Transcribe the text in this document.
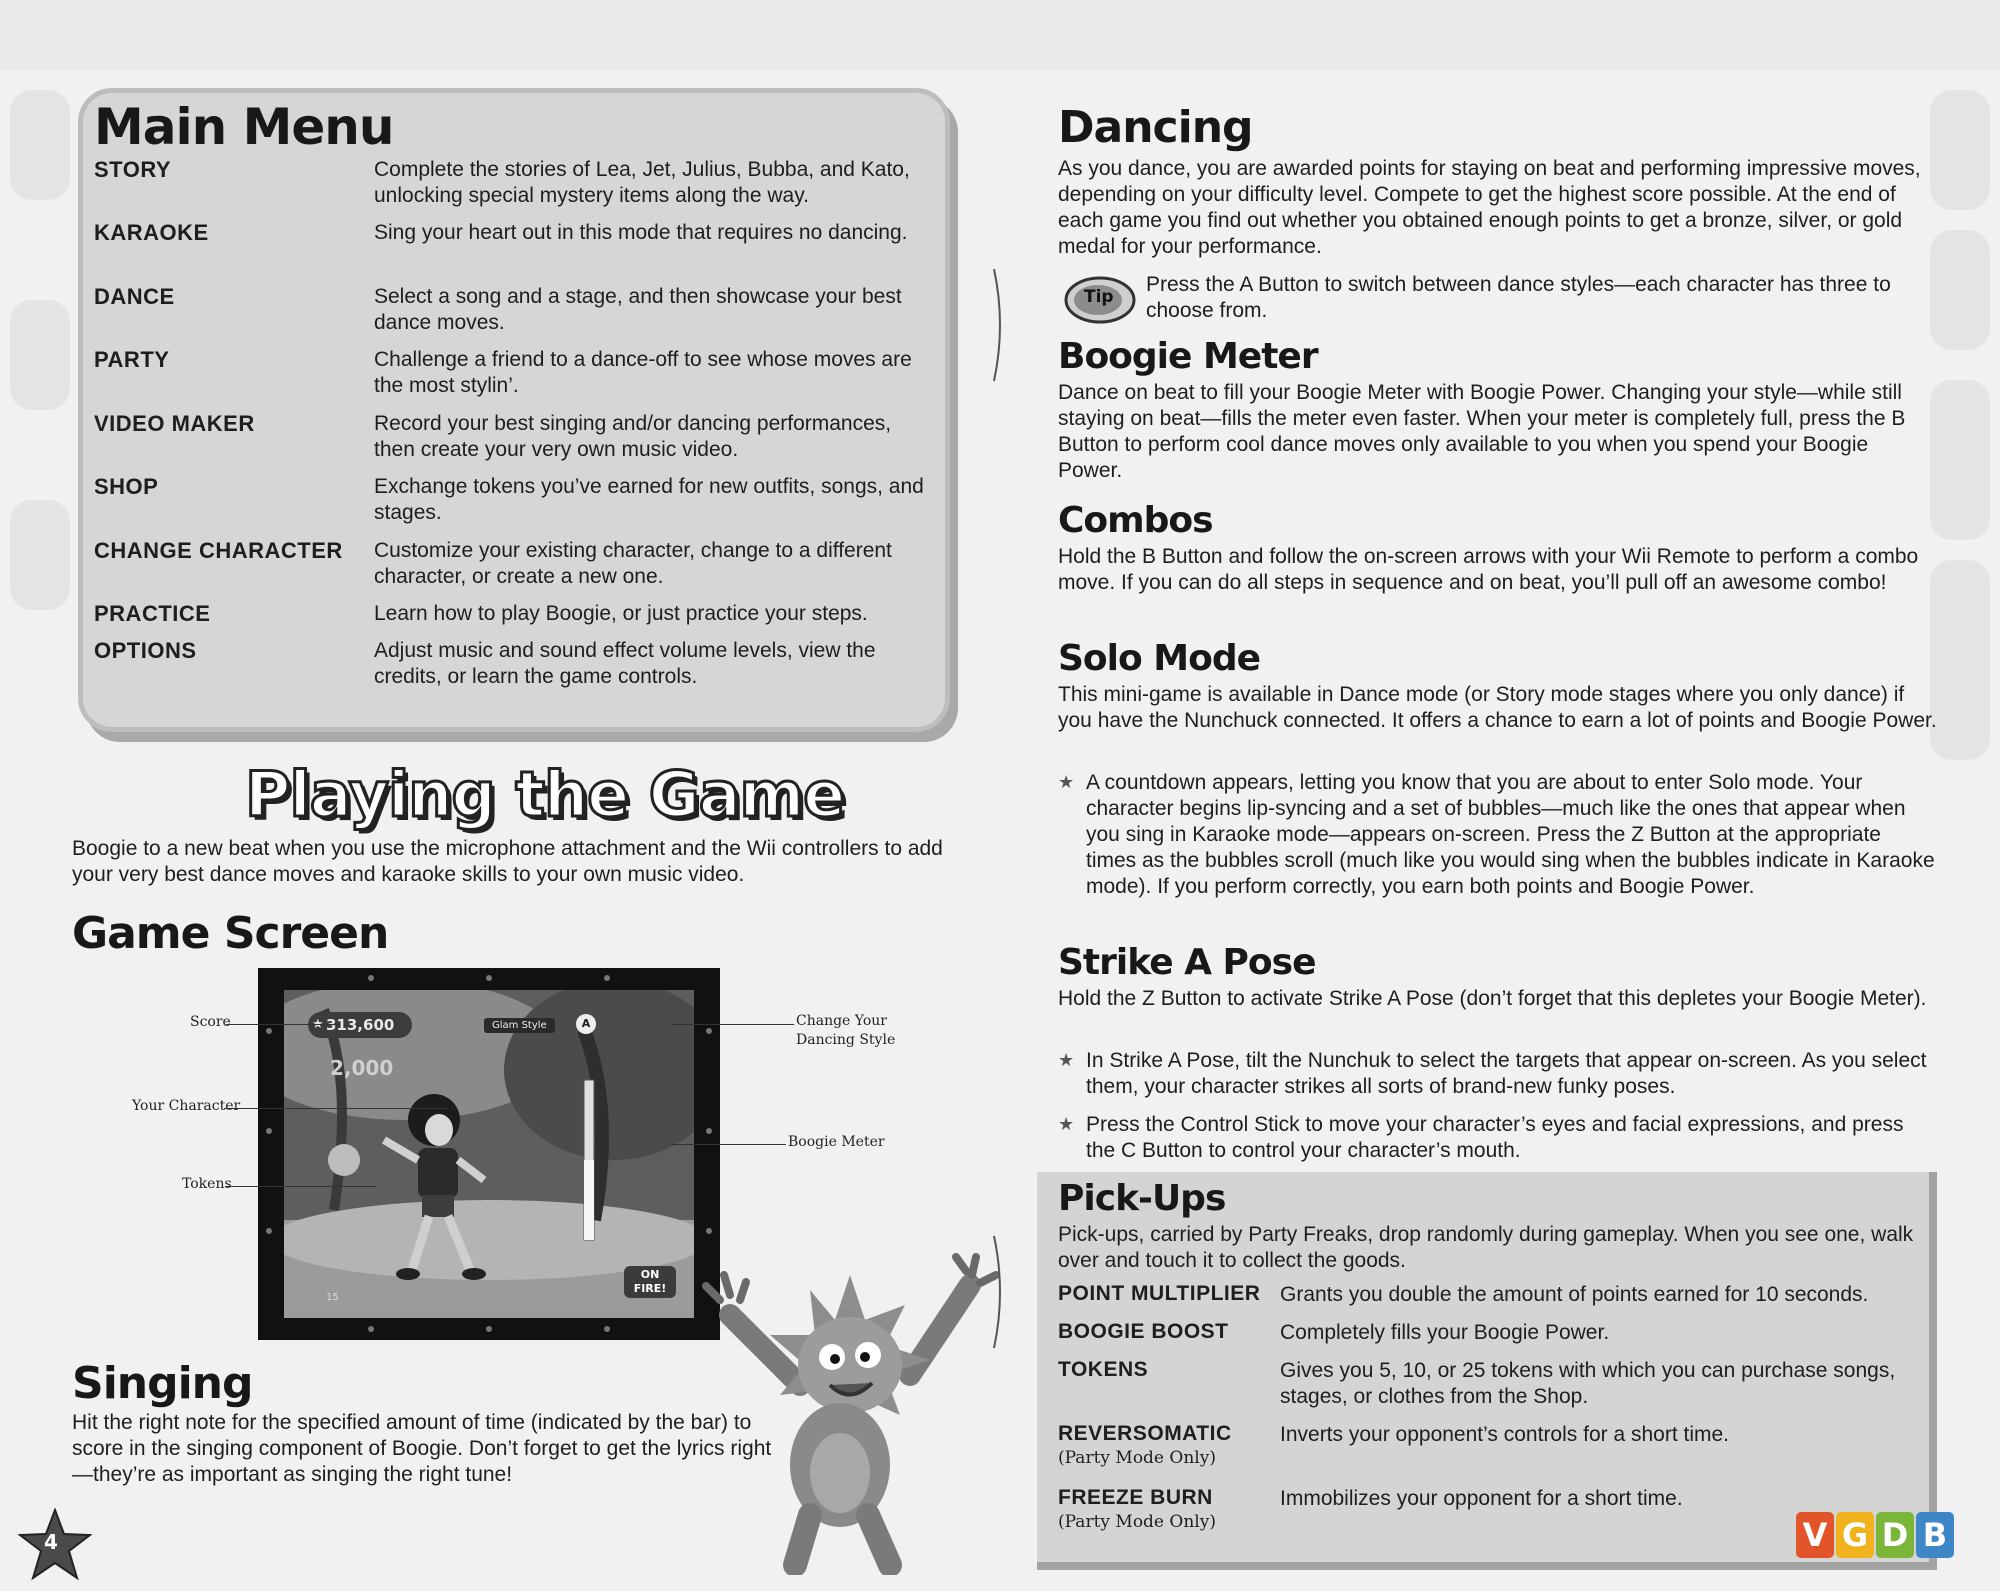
Main Menu
STORY	Complete the stories of Lea, Jet, Julius, Bubba, and Kato, unlocking special mystery items along the way.
KARAOKE	Sing your heart out in this mode that requires no dancing.
DANCE	Select a song and a stage, and then showcase your best dance moves.
PARTY	Challenge a friend to a dance-off to see whose moves are the most stylin’.
VIDEO MAKER	Record your best singing and/or dancing performances, then create your very own music video.
SHOP	Exchange tokens you’ve earned for new outfits, songs, and stages.
CHANGE CHARACTER Customize your existing character, change to a different character, or create a new one.
PRACTICE	Learn how to play Boogie, or just practice your steps.
OPTIONS	Adjust music and sound effect volume levels, view the credits, or learn the game controls.
Playing the Game
Boogie to a new beat when you use the microphone attachment and the Wii controllers to add your very best dance moves and karaoke skills to your own music video.
Game Screen
★ 313,600
2,000
Glam Style	A
ON FIRE!
15
Score
Your Character
Tokens
Change Your Dancing Style
Boogie Meter
Singing
Hit the right note for the specified amount of time (indicated by the bar) to score in the singing component of Boogie. Don’t forget to get the lyrics right—they’re as important as singing the right tune!
4
Dancing
As you dance, you are awarded points for staying on beat and performing impressive moves, depending on your difficulty level. Compete to get the highest score possible. At the end of each game you find out whether you obtained enough points to get a bronze, silver, or gold medal for your performance.
Tip
Press the A Button to switch between dance styles—each character has three to choose from.
Boogie Meter
Dance on beat to fill your Boogie Meter with Boogie Power. Changing your style—while still staying on beat—fills the meter even faster. When your meter is completely full, press the B Button to perform cool dance moves only available to you when you spend your Boogie Power.
Combos
Hold the B Button and follow the on-screen arrows with your Wii Remote to perform a combo move. If you can do all steps in sequence and on beat, you’ll pull off an awesome combo!
Solo Mode
This mini-game is available in Dance mode (or Story mode stages where you only dance) if you have the Nunchuck connected. It offers a chance to earn a lot of points and Boogie Power.
★ A countdown appears, letting you know that you are about to enter Solo mode. Your character begins lip-syncing and a set of bubbles—much like the ones that appear when you sing in Karaoke mode—appears on-screen. Press the Z Button at the appropriate times as the bubbles scroll (much like you would sing when the bubbles indicate in Karaoke mode). If you perform correctly, you earn both points and Boogie Power.
Strike A Pose
Hold the Z Button to activate Strike A Pose (don’t forget that this depletes your Boogie Meter).
★ In Strike A Pose, tilt the Nunchuk to select the targets that appear on-screen. As you select them, your character strikes all sorts of brand-new funky poses.
★ Press the Control Stick to move your character’s eyes and facial expressions, and press the C Button to control your character’s mouth.
Pick-Ups
Pick-ups, carried by Party Freaks, drop randomly during gameplay. When you see one, walk over and touch it to collect the goods.
POINT MULTIPLIER Grants you double the amount of points earned for 10 seconds.
BOOGIE BOOST Completely fills your Boogie Power.
TOKENS	Gives you 5, 10, or 25 tokens with which you can purchase songs, stages, or clothes from the Shop.
REVERSOMATIC
(Party Mode Only)
Inverts your opponent’s controls for a short time.
FREEZE BURN
(Party Mode Only)
Immobilizes your opponent for a short time.
V G D B
